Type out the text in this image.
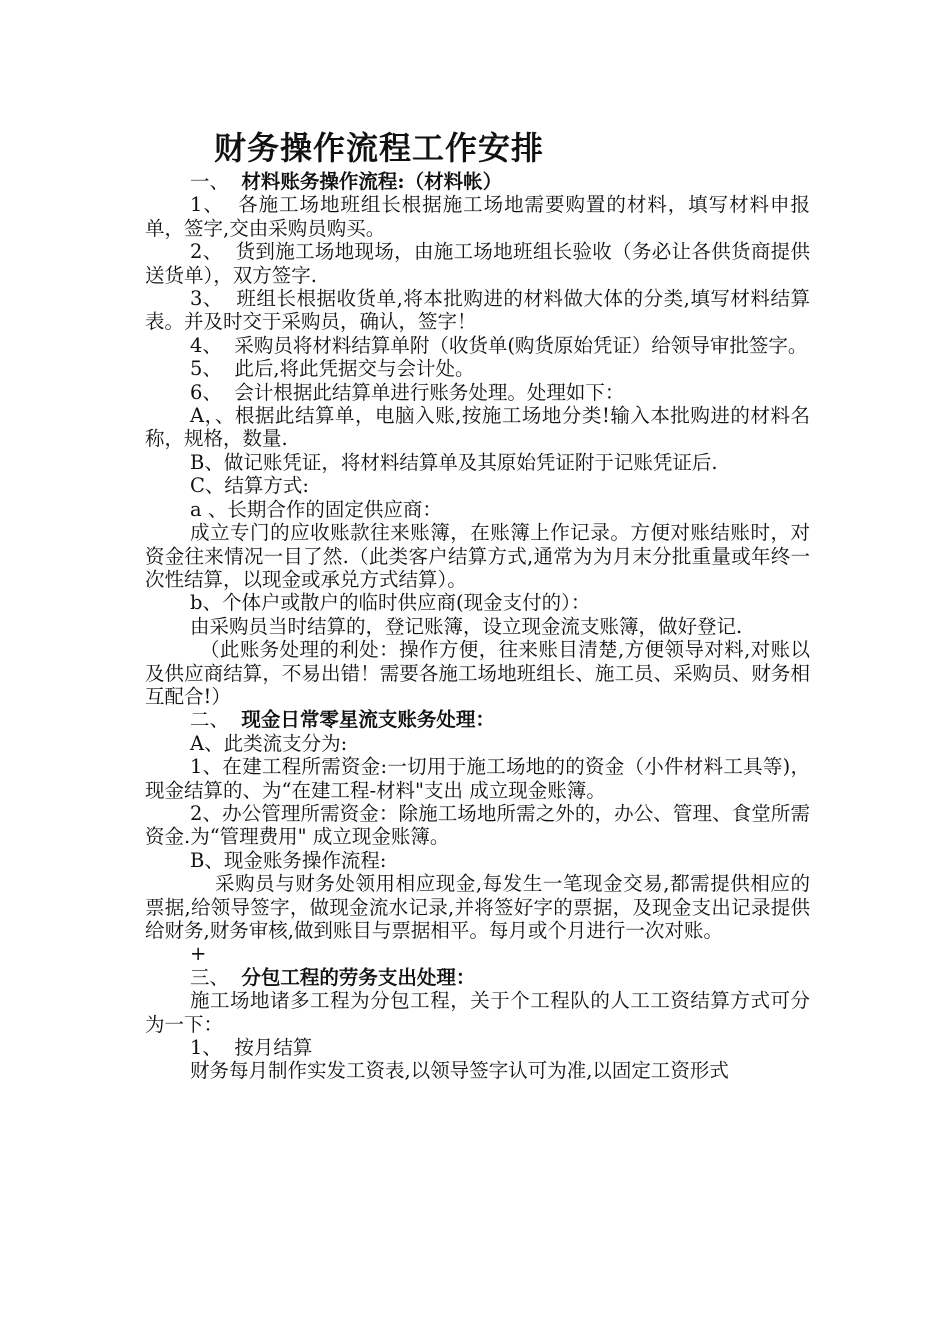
财务操作流程工作安排

一、 材料账务操作流程:（材料帐）

1、 各施工场地班组长根据施工场地需要购置的材料，填写材料申报单，签字,交由采购员购买。

2、 货到施工场地现场，由施工场地班组长验收（务必让各供货商提供送货单），双方签字.

3、 班组长根据收货单,将本批购进的材料做大体的分类,填写材料结算表。并及时交于采购员，确认，签字！

4、 采购员将材料结算单附（收货单(购货原始凭证）给领导审批签字。

5、 此后,将此凭据交与会计处。

6、 会计根据此结算单进行账务处理。处理如下：

A，、根据此结算单，电脑入账,按施工场地分类!输入本批购进的材料名称，规格，数量.

B、做记账凭证，将材料结算单及其原始凭证附于记账凭证后.

C、结算方式:

a 、长期合作的固定供应商：

成立专门的应收账款往来账簿，在账簿上作记录。方便对账结账时，对资金往来情况一目了然.（此类客户结算方式,通常为为月末分批重量或年终一次性结算，以现金或承兑方式结算）。

b、个体户或散户的临时供应商(现金支付的）：

由采购员当时结算的，登记账簿，设立现金流支账簿，做好登记.

（此账务处理的利处：操作方便，往来账目清楚,方便领导对料,对账以及供应商结算，不易出错！需要各施工场地班组长、施工员、采购员、财务相互配合!）

二、 现金日常零星流支账务处理：

A、此类流支分为:

1、在建工程所需资金:一切用于施工场地的的资金（小件材料工具等)，现金结算的、为“在建工程-材料"支出 成立现金账簿。

2、办公管理所需资金：除施工场地所需之外的，办公、管理、食堂所需资金.为“管理费用" 成立现金账簿。

B、现金账务操作流程:

采购员与财务处领用相应现金,每发生一笔现金交易,都需提供相应的票据,给领导签字，做现金流水记录,并将签好字的票据，及现金支出记录提供给财务,财务审核,做到账目与票据相平。每月或个月进行一次对账。

+

三、 分包工程的劳务支出处理：

施工场地诸多工程为分包工程，关于个工程队的人工工资结算方式可分为一下：

1、 按月结算

财务每月制作实发工资表,以领导签字认可为准,以固定工资形式
